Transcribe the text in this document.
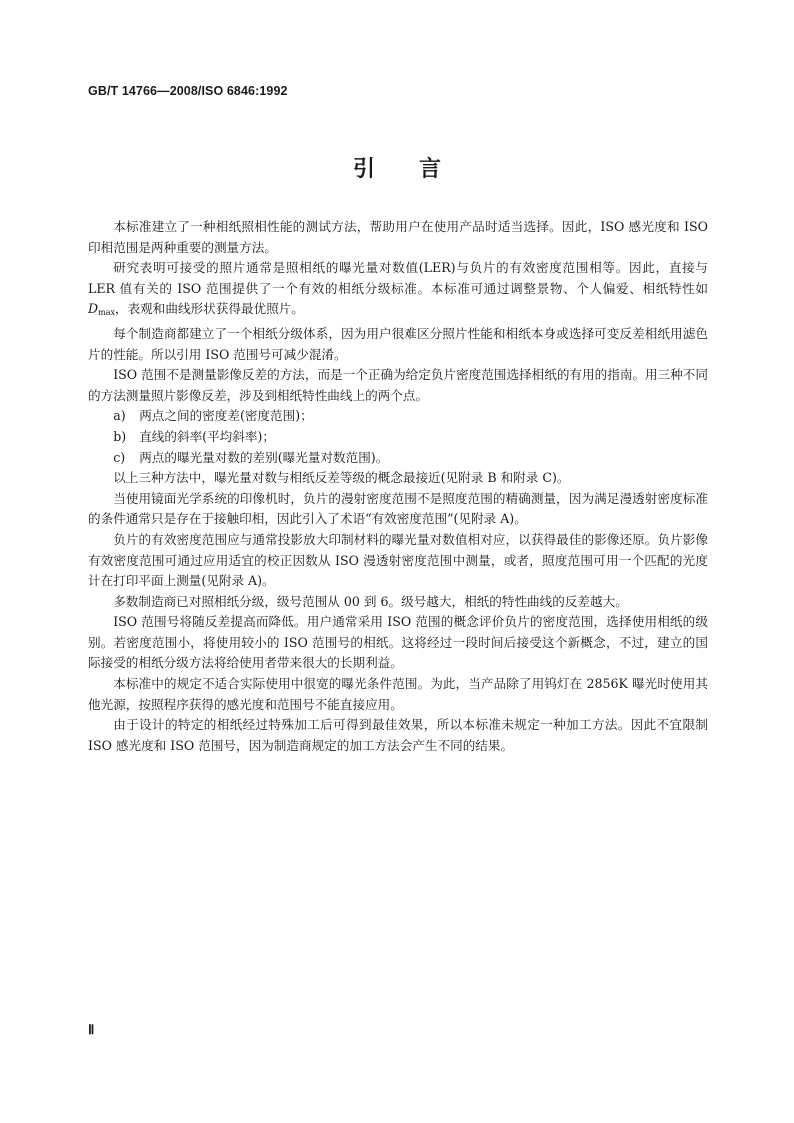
GB/T 14766—2008/ISO 6846:1992
引　　言

本标准建立了一种相纸照相性能的测试方法，帮助用户在使用产品时适当选择。因此，ISO 感光度和 ISO 印相范围是两种重要的测量方法。

研究表明可接受的照片通常是照相纸的曝光量对数值(LER)与负片的有效密度范围相等。因此，直接与 LER 值有关的 ISO 范围提供了一个有效的相纸分级标准。本标准可通过调整景物、个人偏爱、相纸特性如 $D_{max}$，表观和曲线形状获得最优照片。

每个制造商都建立了一个相纸分级体系，因为用户很难区分照片性能和相纸本身或选择可变反差相纸用滤色片的性能。所以引用 ISO 范围号可减少混淆。

ISO 范围不是测量影像反差的方法，而是一个正确为给定负片密度范围选择相纸的有用的指南。用三种不同的方法测量照片影像反差，涉及到相纸特性曲线上的两个点。

a) 两点之间的密度差(密度范围)；

b) 直线的斜率(平均斜率)；

c) 两点的曝光量对数的差别(曝光量对数范围)。

以上三种方法中，曝光量对数与相纸反差等级的概念最接近(见附录 B 和附录 C)。

当使用镜面光学系统的印像机时，负片的漫射密度范围不是照度范围的精确测量，因为满足漫透射密度标准的条件通常只是存在于接触印相，因此引入了术语“有效密度范围”(见附录 A)。

负片的有效密度范围应与通常投影放大印制材料的曝光量对数值相对应，以获得最佳的影像还原。负片影像有效密度范围可通过应用适宜的校正因数从 ISO 漫透射密度范围中测量，或者，照度范围可用一个匹配的光度计在打印平面上测量(见附录 A)。

多数制造商已对照相纸分级，级号范围从 00 到 6。级号越大，相纸的特性曲线的反差越大。

ISO 范围号将随反差提高而降低。用户通常采用 ISO 范围的概念评价负片的密度范围，选择使用相纸的级别。若密度范围小，将使用较小的 ISO 范围号的相纸。这将经过一段时间后接受这个新概念，不过，建立的国际接受的相纸分级方法将给使用者带来很大的长期利益。

本标准中的规定不适合实际使用中很宽的曝光条件范围。为此，当产品除了用钨灯在 2856K 曝光时使用其他光源，按照程序获得的感光度和范围号不能直接应用。

由于设计的特定的相纸经过特殊加工后可得到最佳效果，所以本标准未规定一种加工方法。因此不宜限制 ISO 感光度和 ISO 范围号，因为制造商规定的加工方法会产生不同的结果。

Ⅱ
